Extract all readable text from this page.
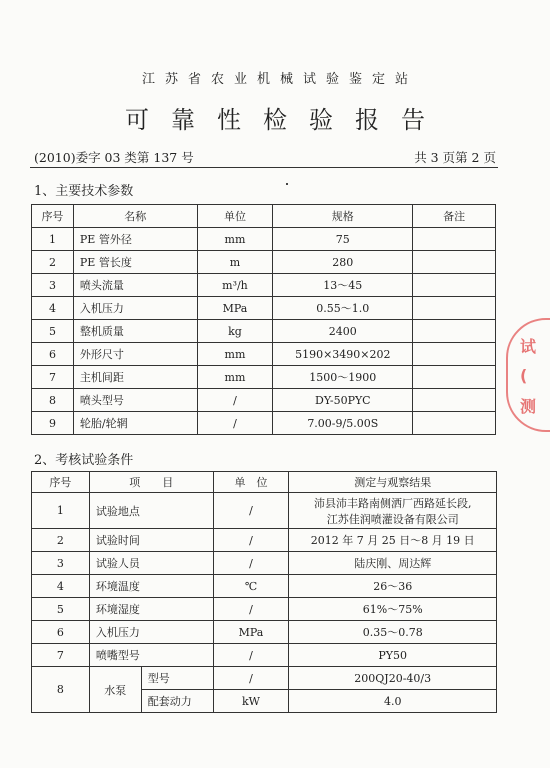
江苏省农业机械试验鉴定站
可靠性检验报告
(2010)委字 03 类第 137 号	共 3 页第 2 页
1、主要技术参数
序号	名称	单位	规格	备注
1	PE 管外径	mm	75	
2	PE 管长度	m	280	
3	喷头流量	m³/h	13～45	
4	入机压力	MPa	0.55～1.0	
5	整机质量	kg	2400	
6	外形尺寸	mm	5190×3490×202	
7	主机间距	mm	1500～1900	
8	喷头型号	/	DY-50PYC	
9	轮胎/轮辋	/	7.00-9/5.00S	
2、考核试验条件
序号	项　　目		单　位	测定与观察结果
1	试验地点		/	沛县沛丰路南侧洒厂西路延长段,
江苏佳润喷灌设备有限公司

2	试验时间		/	2012 年 7 月 25 日～8 月 19 日

3	试验人员		/	陆庆刚、周达辉

4	环境温度		℃	26～36

5	环境湿度		/	61%～75%

6	入机压力		MPa	0.35～0.78

7	喷嘴型号		/	PY50

8	水泵	型号	/	200QJ20-40/3
		配套动力	kW	4.0
试
(
测
